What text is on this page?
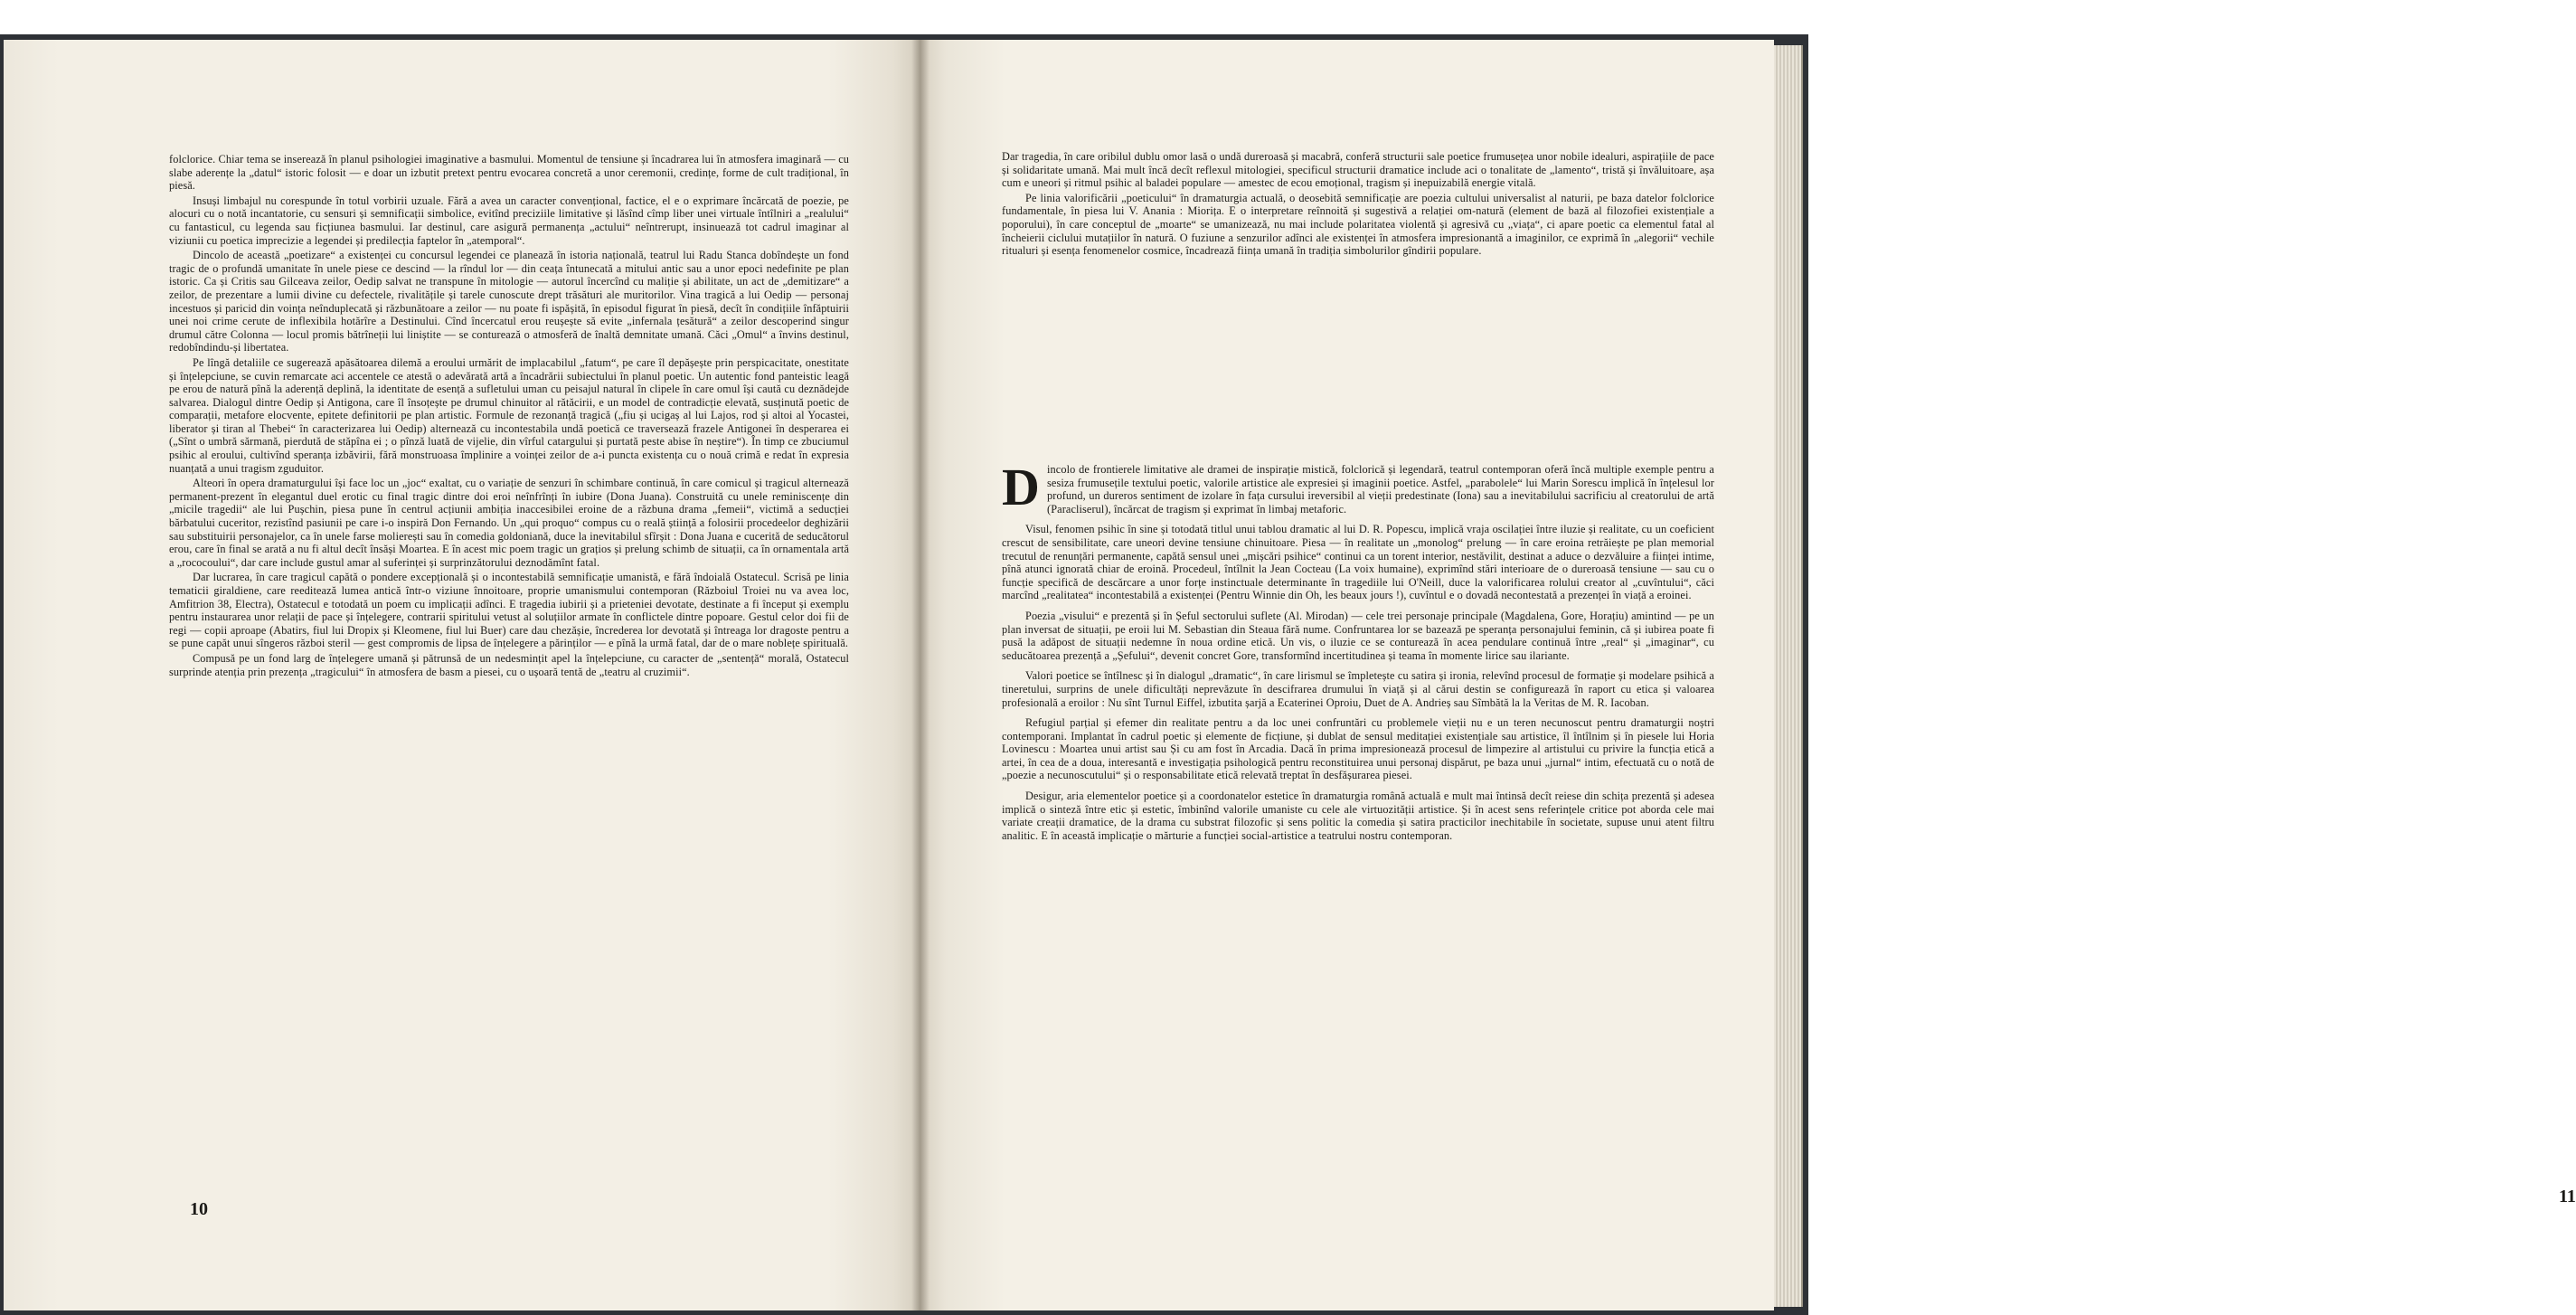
folclorice. Chiar tema se inserează în planul psihologiei imaginative a basmului. Momentul de tensiune și încadrarea lui în atmosfera imaginară — cu slabe aderențe la „datul“ istoric folosit — e doar un izbutit pretext pentru evocarea concretă a unor ceremonii, credințe, forme de cult tradițional, în piesă.

Insuși limbajul nu corespunde în totul vorbirii uzuale. Fără a avea un caracter convențional, factice, el e o exprimare încărcată de poezie, pe alocuri cu o notă incantatorie, cu sensuri și semnificații simbolice, evitînd preciziile limitative și lăsînd cîmp liber unei virtuale întîlniri a „realului“ cu fantasticul, cu legenda sau ficțiunea basmului. Iar destinul, care asigură permanența „actului“ neîntrerupt, insinuează tot cadrul imaginar al viziunii cu poetica imprecizie a legendei și predilecția faptelor în „atemporal“.

Dincolo de această „poetizare“ a existenței cu concursul legendei ce planează în istoria națională, teatrul lui Radu Stanca dobîndește un fond tragic de o profundă umanitate în unele piese ce descind — la rîndul lor — din ceața întunecată a mitului antic sau a unor epoci nedefinite pe plan istoric. Ca și Critis sau Gilceava zeilor, Oedip salvat ne transpune în mitologie — autorul încercînd cu maliție și abilitate, un act de „demitizare“ a zeilor, de prezentare a lumii divine cu defectele, rivalitățile și tarele cunoscute drept trăsături ale muritorilor. Vina tragică a lui Oedip — personaj incestuos și paricid din voința neînduplecată și răzbunătoare a zeilor — nu poate fi ispășită, în episodul figurat în piesă, decît în condițiile înfăptuirii unei noi crime cerute de inflexibila hotărîre a Destinului. Cînd încercatul erou reușește să evite „infernala țesătură“ a zeilor descoperind singur drumul către Colonna — locul promis bătrîneții lui liniștite — se conturează o atmosferă de înaltă demnitate umană. Căci „Omul“ a învins destinul, redobîndindu-și libertatea.

Pe lîngă detaliile ce sugerează apăsătoarea dilemă a eroului urmărit de implacabilul „fatum“, pe care îl depășește prin perspicacitate, onestitate și înțelepciune, se cuvin remarcate aci accentele ce atestă o adevărată artă a încadrării subiectului în planul poetic. Un autentic fond panteistic leagă pe erou de natură pînă la aderență deplină, la identitate de esență a sufletului uman cu peisajul natural în clipele în care omul își caută cu deznădejde salvarea. Dialogul dintre Oedip și Antigona, care îl însoțește pe drumul chinuitor al rătăcirii, e un model de contradicție elevată, susținută poetic de comparații, metafore elocvente, epitete definitorii pe plan artistic. Formule de rezonanță tragică („fiu și ucigaș al lui Lajos, rod și altoi al Yocastei, liberator și tiran al Thebei“ în caracterizarea lui Oedip) alternează cu incontestabila undă poetică ce traversează frazele Antigonei în desperarea ei („Sînt o umbră sărmană, pierdută de stăpîna ei ; o pînză luată de vijelie, din vîrful catargului și purtată peste abise în neștire“). În timp ce zbuciumul psihic al eroului, cultivînd speranța izbăvirii, fără monstruoasa împlinire a voinței zeilor de a-i puncta existența cu o nouă crimă e redat în expresia nuanțată a unui tragism zguduitor.

Alteori în opera dramaturgului își face loc un „joc“ exaltat, cu o variație de senzuri în schimbare continuă, în care comicul și tragicul alternează permanent-prezent în elegantul duel erotic cu final tragic dintre doi eroi neînfrînți în iubire (Dona Juana). Construită cu unele reminiscențe din „micile tragedii“ ale lui Pușchin, piesa pune în centrul acțiunii ambiția inaccesibilei eroine de a răzbuna drama „femeii“, victimă a seducției bărbatului cuceritor, rezistînd pasiunii pe care i-o inspiră Don Fernando. Un „qui proquo“ compus cu o reală știință a folosirii procedeelor deghizării sau substituirii personajelor, ca în unele farse molierești sau în comedia goldoniană, duce la inevitabilul sfîrșit : Dona Juana e cucerită de seducătorul erou, care în final se arată a nu fi altul decît însăși Moartea. E în acest mic poem tragic un grațios și prelung schimb de situații, ca în ornamentala artă a „rococoului“, dar care include gustul amar al suferinței și surprinzătorului deznodămînt fatal.

Dar lucrarea, în care tragicul capătă o pondere excepțională și o incontestabilă semnificație umanistă, e fără îndoială Ostatecul. Scrisă pe linia tematicii giraldiene, care reeditează lumea antică într-o viziune înnoitoare, proprie umanismului contemporan (Războiul Troiei nu va avea loc, Amfitrion 38, Electra), Ostatecul e totodată un poem cu implicații adînci. E tragedia iubirii și a prieteniei devotate, destinate a fi început și exemplu pentru instaurarea unor relații de pace și înțelegere, contrarii spiritului vetust al soluțiilor armate în conflictele dintre popoare. Gestul celor doi fii de regi — copii aproape (Abatirs, fiul lui Dropix și Kleomene, fiul lui Buer) care dau chezășie, încrederea lor devotată și întreaga lor dragoste pentru a se pune capăt unui sîngeros război steril — gest compromis de lipsa de înțelegere a părinților — e pînă la urmă fatal, dar de o mare noblețe spirituală.

Compusă pe un fond larg de înțelegere umană și pătrunsă de un nedesmințit apel la înțelepciune, cu caracter de „sentență“ morală, Ostatecul surprinde atenția prin prezența „tragicului“ în atmosfera de basm a piesei, cu o ușoară tentă de „teatru al cruzimii“.

10

Dar tragedia, în care oribilul dublu omor lasă o undă dureroasă și macabră, conferă structurii sale poetice frumusețea unor nobile idealuri, aspirațiile de pace și solidaritate umană. Mai mult încă decît reflexul mitologiei, specificul structurii dramatice include aci o tonalitate de „lamento“, tristă și învăluitoare, așa cum e uneori și ritmul psihic al baladei populare — amestec de ecou emoțional, tragism și inepuizabilă energie vitală.

Pe linia valorificării „poeticului“ în dramaturgia actuală, o deosebită semnificație are poezia cultului universalist al naturii, pe baza datelor folclorice fundamentale, în piesa lui V. Anania : Miorița. E o interpretare reînnoită și sugestivă a relației om-natură (element de bază al filozofiei existențiale a poporului), în care conceptul de „moarte“ se umanizează, nu mai include polaritatea violentă și agresivă cu „viața“, ci apare poetic ca elementul fatal al încheierii ciclului mutațiilor în natură. O fuziune a senzurilor adînci ale existenței în atmosfera impresionantă a imaginilor, ce exprimă în „alegorii“ vechile ritualuri și esența fenomenelor cosmice, încadrează ființa umană în tradiția simbolurilor gîndirii populare.

Dincolo de frontierele limitative ale dramei de inspirație mistică, folclorică și legendară, teatrul contemporan oferă încă multiple exemple pentru a sesiza frumusețile textului poetic, valorile artistice ale expresiei și imaginii poetice. Astfel, „parabolele“ lui Marin Sorescu implică în înțelesul lor profund, un dureros sentiment de izolare în fața cursului ireversibil al vieții predestinate (Iona) sau a inevitabilului sacrificiu al creatorului de artă (Paracliserul), încărcat de tragism și exprimat în limbaj metaforic.

Visul, fenomen psihic în sine și totodată titlul unui tablou dramatic al lui D. R. Popescu, implică vraja oscilației între iluzie și realitate, cu un coeficient crescut de sensibilitate, care uneori devine tensiune chinuitoare. Piesa — în realitate un „monolog“ prelung — în care eroina retrăiește pe plan memorial trecutul de renunțări permanente, capătă sensul unei „mișcări psihice“ continui ca un torent interior, nestăvilit, destinat a aduce o dezvăluire a ființei intime, pînă atunci ignorată chiar de eroină. Procedeul, întîlnit la Jean Cocteau (La voix humaine), exprimînd stări interioare de o dureroasă tensiune — sau cu o funcție specifică de descărcare a unor forțe instinctuale determinante în tragediile lui O'Neill, duce la valorificarea rolului creator al „cuvîntului“, căci marcînd „realitatea“ incontestabilă a existenței (Pentru Winnie din Oh, les beaux jours !), cuvîntul e o dovadă necontestată a prezenței în viață a eroinei.

Poezia „visului“ e prezentă și în Șeful sectorului suflete (Al. Mirodan) — cele trei personaje principale (Magdalena, Gore, Horațiu) amintind — pe un plan inversat de situații, pe eroii lui M. Sebastian din Steaua fără nume. Confruntarea lor se bazează pe speranța personajului feminin, că și iubirea poate fi pusă la adăpost de situații nedemne în noua ordine etică. Un vis, o iluzie ce se conturează în acea pendulare continuă între „real“ și „imaginar“, cu seducătoarea prezență a „Șefului“, devenit concret Gore, transformînd incertitudinea și teama în momente lirice sau ilariante.

Valori poetice se întîlnesc și în dialogul „dramatic“, în care lirismul se împletește cu satira și ironia, relevînd procesul de formație și modelare psihică a tineretului, surprins de unele dificultăți neprevăzute în descifrarea drumului în viață și al cărui destin se configurează în raport cu etica și valoarea profesională a eroilor : Nu sînt Turnul Eiffel, izbutita șarjă a Ecaterinei Oproiu, Duet de A. Andrieș sau Sîmbătă la la Veritas de M. R. Iacoban.

Refugiul parțial și efemer din realitate pentru a da loc unei confruntări cu problemele vieții nu e un teren necunoscut pentru dramaturgii noștri contemporani. Implantat în cadrul poetic și elemente de ficțiune, și dublat de sensul meditației existențiale sau artistice, îl întîlnim și în piesele lui Horia Lovinescu : Moartea unui artist sau Și cu am fost în Arcadia. Dacă în prima impresionează procesul de limpezire al artistului cu privire la funcția etică a artei, în cea de a doua, interesantă e investigația psihologică pentru reconstituirea unui personaj dispărut, pe baza unui „jurnal“ intim, efectuată cu o notă de „poezie a necunoscutului“ și o responsabilitate etică relevată treptat în desfășurarea piesei.

Desigur, aria elementelor poetice și a coordonatelor estetice în dramaturgia română actuală e mult mai întinsă decît reiese din schița prezentă și adesea implică o sinteză între etic și estetic, îmbinînd valorile umaniste cu cele ale virtuozității artistice. Și în acest sens referințele critice pot aborda cele mai variate creații dramatice, de la drama cu substrat filozofic și sens politic la comedia și satira practicilor inechitabile în societate, supuse unui atent filtru analitic. E în această implicație o mărturie a funcției social-artistice a teatrului nostru contemporan.

11
